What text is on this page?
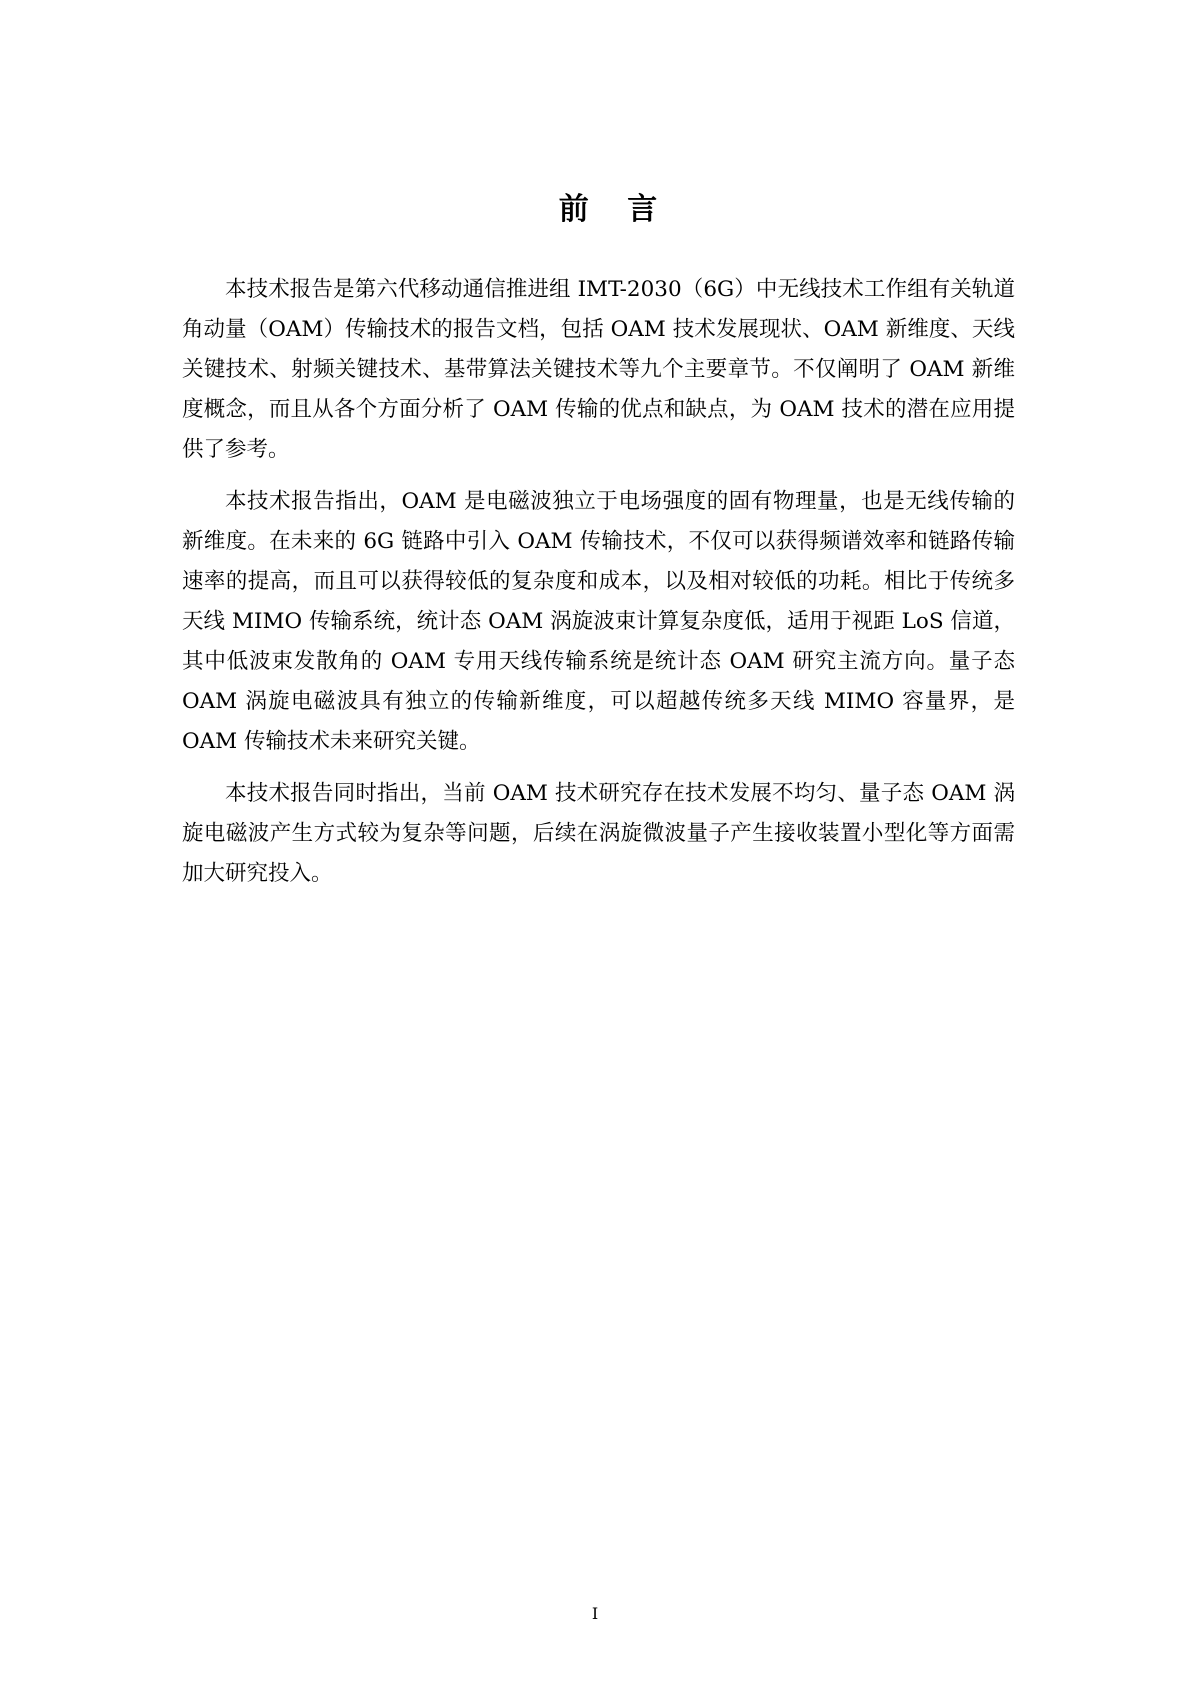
前 言

本技术报告是第六代移动通信推进组 IMT-2030（6G）中无线技术工作组有关轨道角动量（OAM）传输技术的报告文档，包括 OAM 技术发展现状、OAM 新维度、天线关键技术、射频关键技术、基带算法关键技术等九个主要章节。不仅阐明了 OAM 新维度概念，而且从各个方面分析了 OAM 传输的优点和缺点，为 OAM 技术的潜在应用提供了参考。

本技术报告指出，OAM 是电磁波独立于电场强度的固有物理量，也是无线传输的新维度。在未来的 6G 链路中引入 OAM 传输技术，不仅可以获得频谱效率和链路传输速率的提高，而且可以获得较低的复杂度和成本，以及相对较低的功耗。相比于传统多天线 MIMO 传输系统，统计态 OAM 涡旋波束计算复杂度低，适用于视距 LoS 信道，其中低波束发散角的 OAM 专用天线传输系统是统计态 OAM 研究主流方向。量子态 OAM 涡旋电磁波具有独立的传输新维度，可以超越传统多天线 MIMO 容量界，是 OAM 传输技术未来研究关键。

本技术报告同时指出，当前 OAM 技术研究存在技术发展不均匀、量子态 OAM 涡旋电磁波产生方式较为复杂等问题，后续在涡旋微波量子产生接收装置小型化等方面需加大研究投入。

I
